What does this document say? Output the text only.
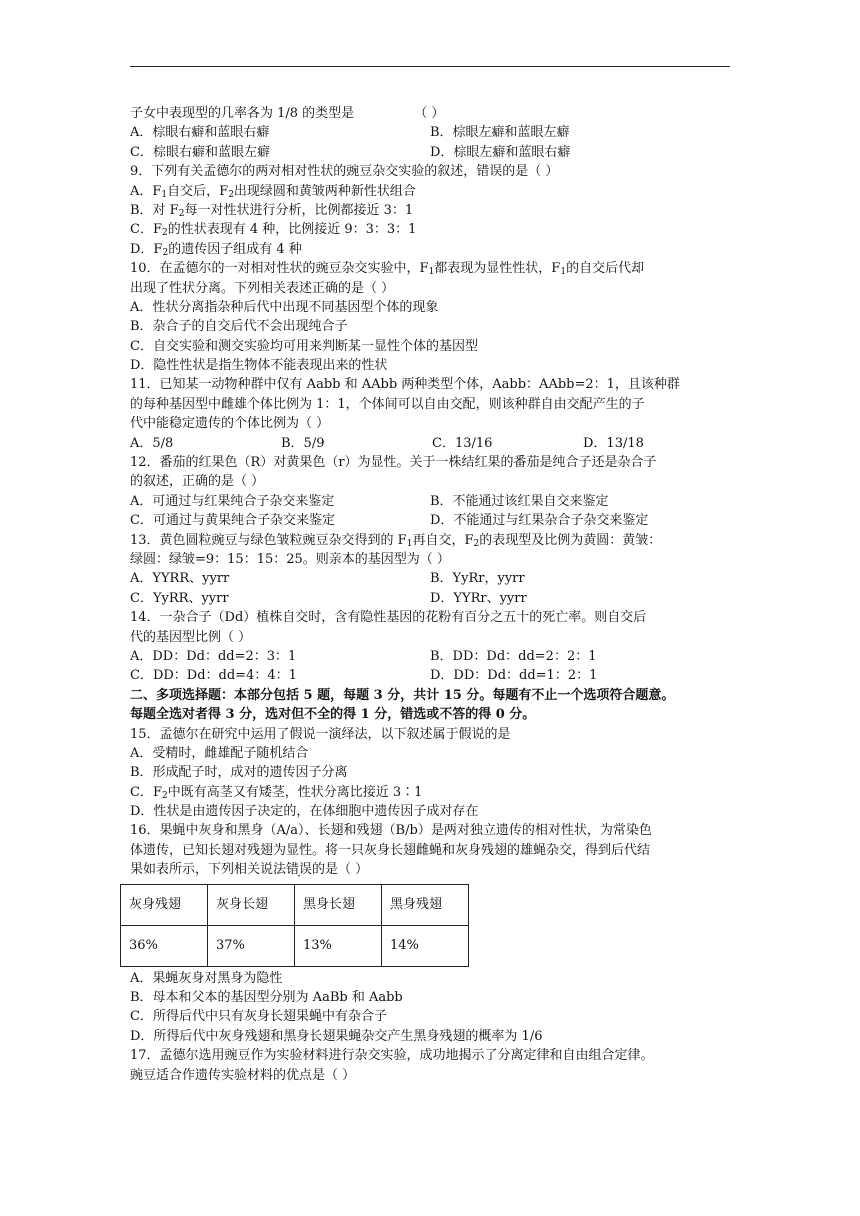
子女中表现型的几率各为 1/8 的类型是	（ ）
A．棕眼右癖和蓝眼右癖	B．棕眼左癖和蓝眼左癖
C．棕眼右癖和蓝眼左癖	D．棕眼左癖和蓝眼右癖
9．下列有关孟德尔的两对相对性状的豌豆杂交实验的叙述，错误的是（ ）
A．$F_1$自交后，$F_2$出现绿圆和黄皱两种新性状组合
B．对 $F_2$每一对性状进行分析，比例都接近 3：1
C．$F_2$的性状表现有 4 种，比例接近 9：3：3：1
D．$F_2$的遗传因子组成有 4 种
10．在孟德尔的一对相对性状的豌豆杂交实验中，$F_1$都表现为显性性状，$F_1$的自交后代却
出现了性状分离。下列相关表述正确的是（ ）
A．性状分离指杂种后代中出现不同基因型个体的现象
B．杂合子的自交后代不会出现纯合子
C．自交实验和测交实验均可用来判断某一显性个体的基因型
D．隐性性状是指生物体不能表现出来的性状
11．已知某一动物种群中仅有 Aabb 和 AAbb 两种类型个体，Aabb：AAbb=2：1，且该种群
的每种基因型中雌雄个体比例为 1：1，个体间可以自由交配，则该种群自由交配产生的子
代中能稳定遗传的个体比例为（ ）
A．5/8	B．5/9	C．13/16	D．13/18
12．番茄的红果色（R）对黄果色（r）为显性。关于一株结红果的番茄是纯合子还是杂合子
的叙述，正确的是（ ）
A．可通过与红果纯合子杂交来鉴定	B．不能通过该红果自交来鉴定
C．可通过与黄果纯合子杂交来鉴定	D．不能通过与红果杂合子杂交来鉴定
13．黄色圆粒豌豆与绿色皱粒豌豆杂交得到的 $F_1$再自交，$F_2$的表现型及比例为黄圆：黄皱：
绿圆：绿皱=9：15：15：25。则亲本的基因型为（ ）
A．YYRR、yyrr	B．YyRr，yyrr
C．YyRR、yyrr	D．YYRr、yyrr
14．一杂合子（Dd）植株自交时，含有隐性基因的花粉有百分之五十的死亡率。则自交后
代的基因型比例（ ）
A．DD：Dd：dd=2：3：1	B．DD：Dd：dd=2：2：1
C．DD：Dd：dd=4：4：1	D．DD：Dd：dd=1：2：1
二、多项选择题：本部分包括 5 题，每题 3 分，共计 15 分。每题有不止一个选项符合题意。
每题全选对者得 3 分，选对但不全的得 1 分，错选或不答的得 0 分。
15．孟德尔在研究中运用了假说一演绎法，以下叙述属于假说的是
A．受精时，雌雄配子随机结合
B．形成配子时，成对的遗传因子分离
C．$F_2$中既有高茎又有矮茎，性状分离比接近 3∶1
D．性状是由遗传因子决定的，在体细胞中遗传因子成对存在
16．果蝇中灰身和黑身（A/a）、长翅和残翅（B/b）是两对独立遗传的相对性状，为常染色
体遗传，已知长翅对残翅为显性。将一只灰身长翅雌蝇和灰身残翅的雄蝇杂交，得到后代结
果如表所示，下列相关说法错误的是（ ）
灰身残翅	灰身长翅	黑身长翅	黑身残翅
36%	37%	13%	14%
A．果蝇灰身对黑身为隐性
B．母本和父本的基因型分别为 AaBb 和 Aabb
C．所得后代中只有灰身长翅果蝇中有杂合子
D．所得后代中灰身残翅和黑身长翅果蝇杂交产生黑身残翅的概率为 1/6
17．孟德尔选用豌豆作为实验材料进行杂交实验，成功地揭示了分离定律和自由组合定律。
豌豆适合作遗传实验材料的优点是（ ）
